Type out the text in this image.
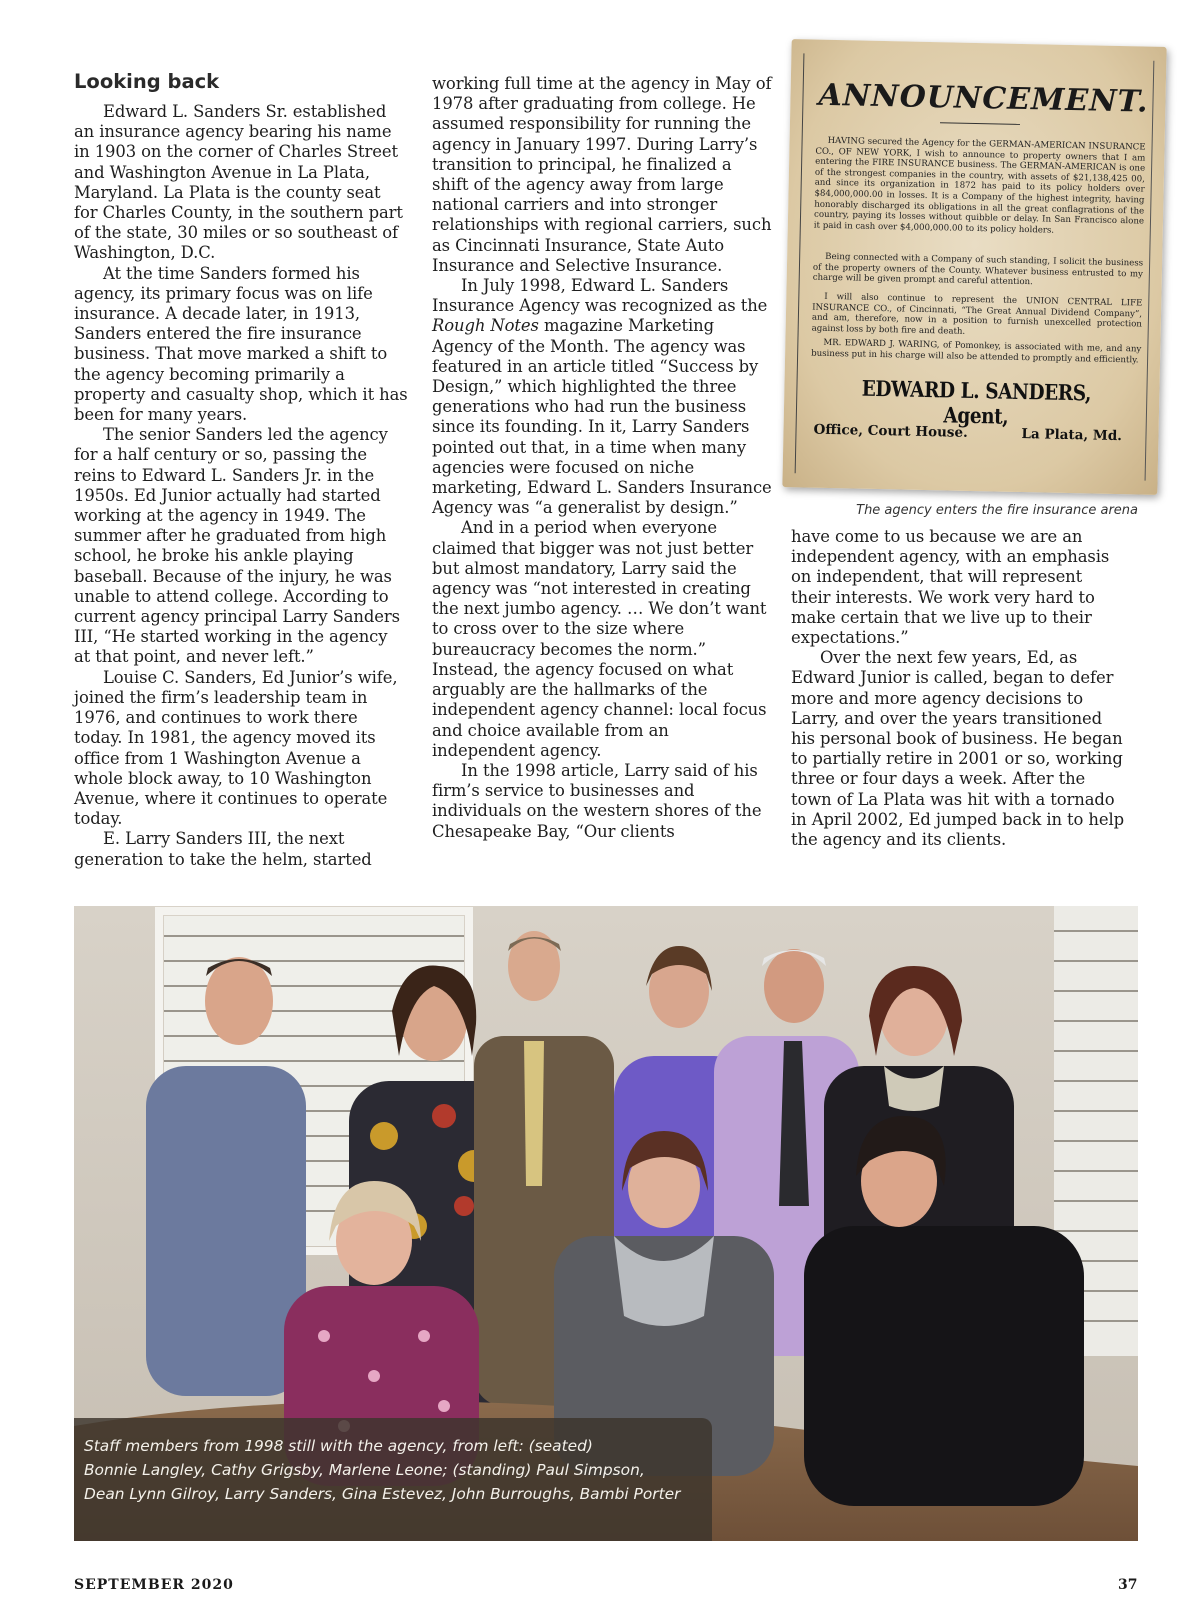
Looking back

Edward L. Sanders Sr. established an insurance agency bearing his name in 1903 on the corner of Charles Street and Washington Avenue in La Plata, Maryland. La Plata is the county seat for Charles County, in the southern part of the state, 30 miles or so southeast of Washington, D.C.

At the time Sanders formed his agency, its primary focus was on life insurance. A decade later, in 1913, Sanders entered the fire insurance business. That move marked a shift to the agency becoming primarily a property and casualty shop, which it has been for many years.

The senior Sanders led the agency for a half century or so, passing the reins to Edward L. Sanders Jr. in the 1950s. Ed Junior actually had started working at the agency in 1949. The summer after he graduated from high school, he broke his ankle playing baseball. Because of the injury, he was unable to attend college. According to current agency principal Larry Sanders III, “He started working in the agency at that point, and never left.”

Louise C. Sanders, Ed Junior’s wife, joined the firm’s leadership team in 1976, and continues to work there today. In 1981, the agency moved its office from 1 Washington Avenue a whole block away, to 10 Washington Avenue, where it continues to operate today.

E. Larry Sanders III, the next generation to take the helm, started

working full time at the agency in May of 1978 after graduating from college. He assumed responsibility for running the agency in January 1997. During Larry’s transition to principal, he finalized a shift of the agency away from large national carriers and into stronger relationships with regional carriers, such as Cincinnati Insurance, State Auto Insurance and Selective Insurance.

In July 1998, Edward L. Sanders Insurance Agency was recognized as the Rough Notes magazine Marketing Agency of the Month. The agency was featured in an article titled “Success by Design,” which highlighted the three generations who had run the business since its founding. In it, Larry Sanders pointed out that, in a time when many agencies were focused on niche marketing, Edward L. Sanders Insurance Agency was “a generalist by design.”

And in a period when everyone claimed that bigger was not just better but almost mandatory, Larry said the agency was “not interested in creating the next jumbo agency. … We don’t want to cross over to the size where bureaucracy becomes the norm.” Instead, the agency focused on what arguably are the hallmarks of the independent agency channel: local focus and choice available from an independent agency.

In the 1998 article, Larry said of his firm’s service to businesses and individuals on the western shores of the Chesapeake Bay, “Our clients

have come to us because we are an independent agency, with an emphasis on independent, that will represent their interests. We work very hard to make certain that we live up to their expectations.”

Over the next few years, Ed, as Edward Junior is called, began to defer more and more agency decisions to Larry, and over the years transitioned his personal book of business. He began to partially retire in 2001 or so, working three or four days a week. After the town of La Plata was hit with a tornado in April 2002, Ed jumped back in to help the agency and its clients.

ANNOUNCEMENT.

HAVING secured the Agency for the GERMAN-AMERICAN INSURANCE CO., OF NEW YORK, I wish to announce to property owners that I am entering the FIRE INSURANCE business. The GERMAN-AMERICAN is one of the strongest companies in the country, with assets of $21,138,425 00, and since its organization in 1872 has paid to its policy holders over $84,000,000.00 in losses. It is a Company of the highest integrity, having honorably discharged its obligations in all the great conflagrations of the country, paying its losses without quibble or delay. In San Francisco alone it paid in cash over $4,000,000.00 to its policy holders.

Being connected with a Company of such standing, I solicit the business of the property owners of the County. Whatever business entrusted to my charge will be given prompt and careful attention.

I will also continue to represent the UNION CENTRAL LIFE INSURANCE CO., of Cincinnati, “The Great Annual Dividend Company”, and am, therefore, now in a position to furnish unexcelled protection against loss by both fire and death.

MR. EDWARD J. WARING, of Pomonkey, is associated with me, and any business put in his charge will also be attended to promptly and efficiently.

EDWARD L. SANDERS, Agent,
Office, Court House.	La Plata, Md.
The agency enters the fire insurance arena

Staff members from 1998 still with the agency, from left: (seated)
Bonnie Langley, Cathy Grigsby, Marlene Leone; (standing) Paul Simpson,
Dean Lynn Gilroy, Larry Sanders, Gina Estevez, John Burroughs, Bambi Porter

SEPTEMBER 2020	37
